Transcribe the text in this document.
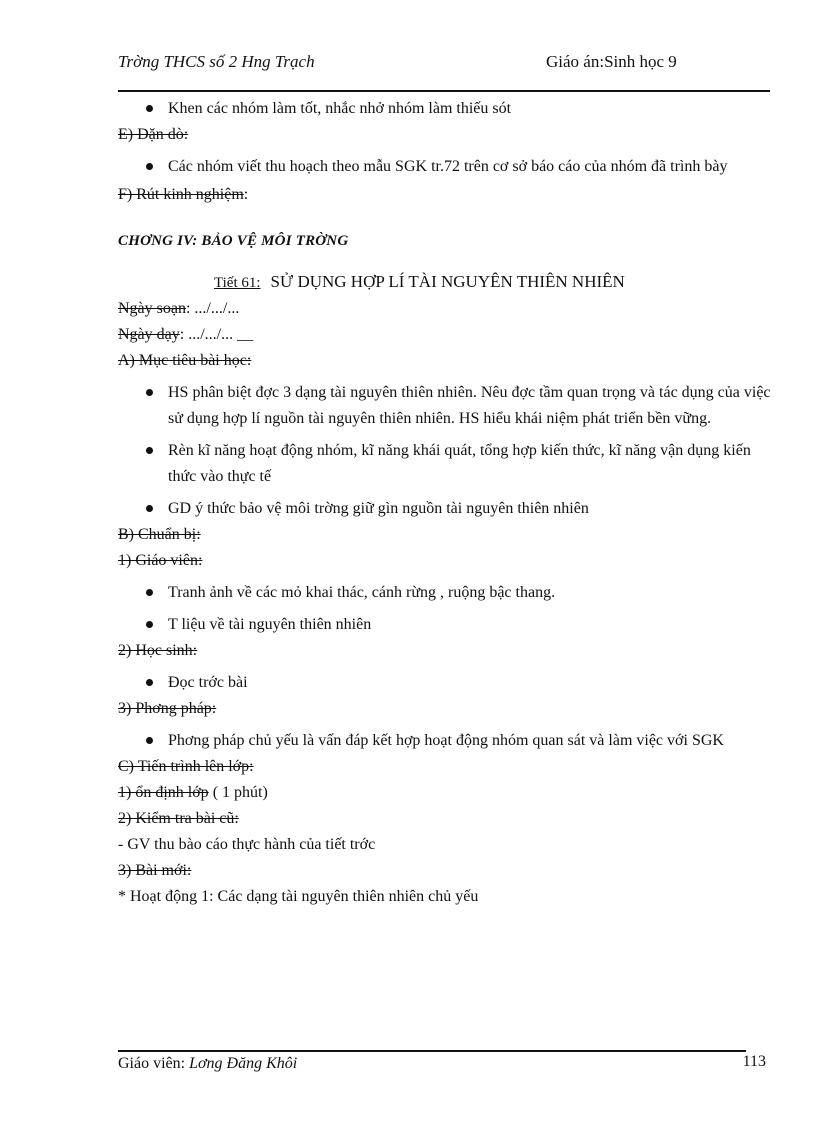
Trờng THCS số 2 Hng Trạch	Giáo án:Sinh học 9

Khen các nhóm làm tốt, nhắc nhở nhóm làm thiếu sót

E) Dặn dò:

Các nhóm viết thu hoạch theo mẫu SGK tr.72 trên cơ sở báo cáo của nhóm đã trình bày

F) Rút kinh nghiệm:

CHƠNG IV: BẢO VỆ MÔI TRỜNG

Tiết 61: SỬ DỤNG HỢP LÍ TÀI NGUYÊN THIÊN NHIÊN

Ngày soạn: .../.../...

Ngày dạy: .../.../... __

A) Mục tiêu bài học:

HS phân biệt đợc 3 dạng tài nguyên thiên nhiên. Nêu đợc tầm quan trọng và tác dụng của việc sử dụng hợp lí nguồn tài nguyên thiên nhiên. HS hiểu khái niệm phát triển bền vững.

Rèn kĩ năng hoạt động nhóm, kĩ năng khái quát, tổng hợp kiến thức, kĩ năng vận dụng kiến thức vào thực tế

GD ý thức bảo vệ môi trờng giữ gìn nguồn tài nguyên thiên nhiên

B) Chuẩn bị:

1) Giáo viên:

Tranh ảnh về các mỏ khai thác, cánh rừng , ruộng bậc thang.

T liệu về tài nguyên thiên nhiên

2) Học sinh:

Đọc trớc bài

3) Phơng pháp:

Phơng pháp chủ yếu là vấn đáp kết hợp hoạt động nhóm quan sát và làm việc với SGK

C) Tiến trình lên lớp:

1) ổn định lớp ( 1 phút)

2) Kiểm tra bài cũ:

- GV thu bào cáo thực hành của tiết trớc

3) Bài mới:

* Hoạt động 1: Các dạng tài nguyên thiên nhiên chủ yếu

Giáo viên: Lơng Đăng Khôi	113
